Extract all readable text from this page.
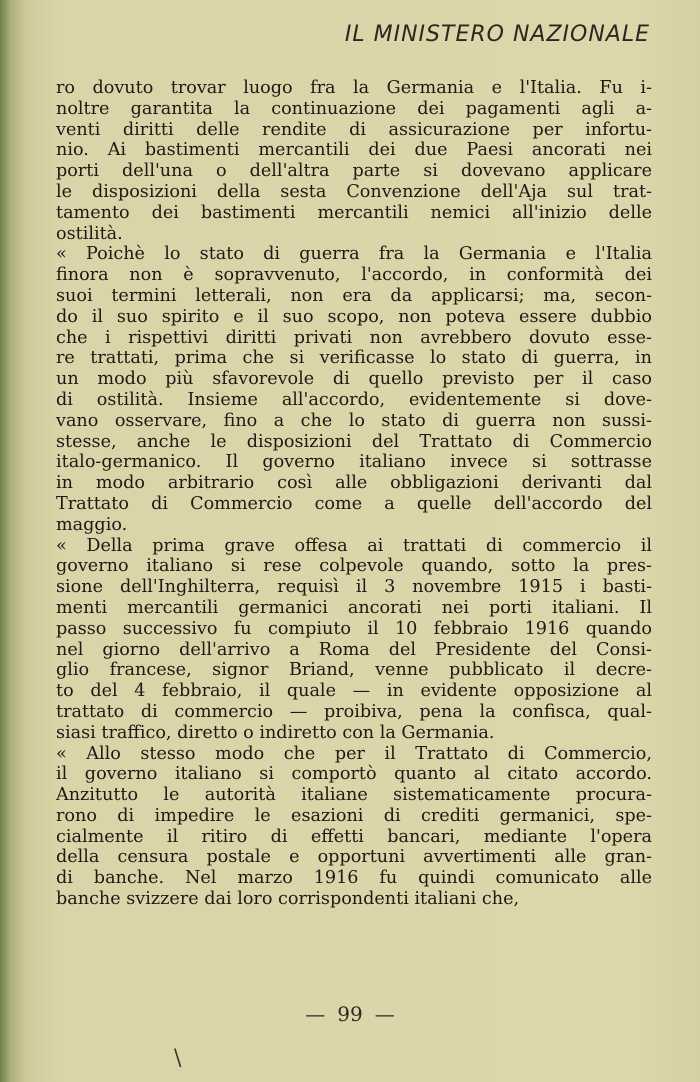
IL MINISTERO NAZIONALE
ro dovuto trovar luogo fra la Germania e l'Italia. Fu i-
noltre garantita la continuazione dei pagamenti agli a-
venti diritti delle rendite di assicurazione per infortu-
nio. Ai bastimenti mercantili dei due Paesi ancorati nei
porti dell'una o dell'altra parte si dovevano applicare
le disposizioni della sesta Convenzione dell'Aja sul trat-
tamento dei bastimenti mercantili nemici all'inizio delle
ostilità.
« Poichè lo stato di guerra fra la Germania e l'Italia
finora non è sopravvenuto, l'accordo, in conformità dei
suoi termini letterali, non era da applicarsi; ma, secon-
do il suo spirito e il suo scopo, non poteva essere dubbio
che i rispettivi diritti privati non avrebbero dovuto esse-
re trattati, prima che si verificasse lo stato di guerra, in
un modo più sfavorevole di quello previsto per il caso
di ostilità. Insieme all'accordo, evidentemente si dove-
vano osservare, fino a che lo stato di guerra non sussi-
stesse, anche le disposizioni del Trattato di Commercio
italo-germanico. Il governo italiano invece si sottrasse
in modo arbitrario così alle obbligazioni derivanti dal
Trattato di Commercio come a quelle dell'accordo del
maggio.
« Della prima grave offesa ai trattati di commercio il
governo italiano si rese colpevole quando, sotto la pres-
sione dell'Inghilterra, requisì il 3 novembre 1915 i basti-
menti mercantili germanici ancorati nei porti italiani. Il
passo successivo fu compiuto il 10 febbraio 1916 quando
nel giorno dell'arrivo a Roma del Presidente del Consi-
glio francese, signor Briand, venne pubblicato il decre-
to del 4 febbraio, il quale — in evidente opposizione al
trattato di commercio — proibiva, pena la confisca, qual-
siasi traffico, diretto o indiretto con la Germania.
« Allo stesso modo che per il Trattato di Commercio,
il governo italiano si comportò quanto al citato accordo.
Anzitutto le autorità italiane sistematicamente procura-
rono di impedire le esazioni di crediti germanici, spe-
cialmente il ritiro di effetti bancari, mediante l'opera
della censura postale e opportuni avvertimenti alle gran-
di banche. Nel marzo 1916 fu quindi comunicato alle
banche svizzere dai loro corrispondenti italiani che,
— 99 —
\
